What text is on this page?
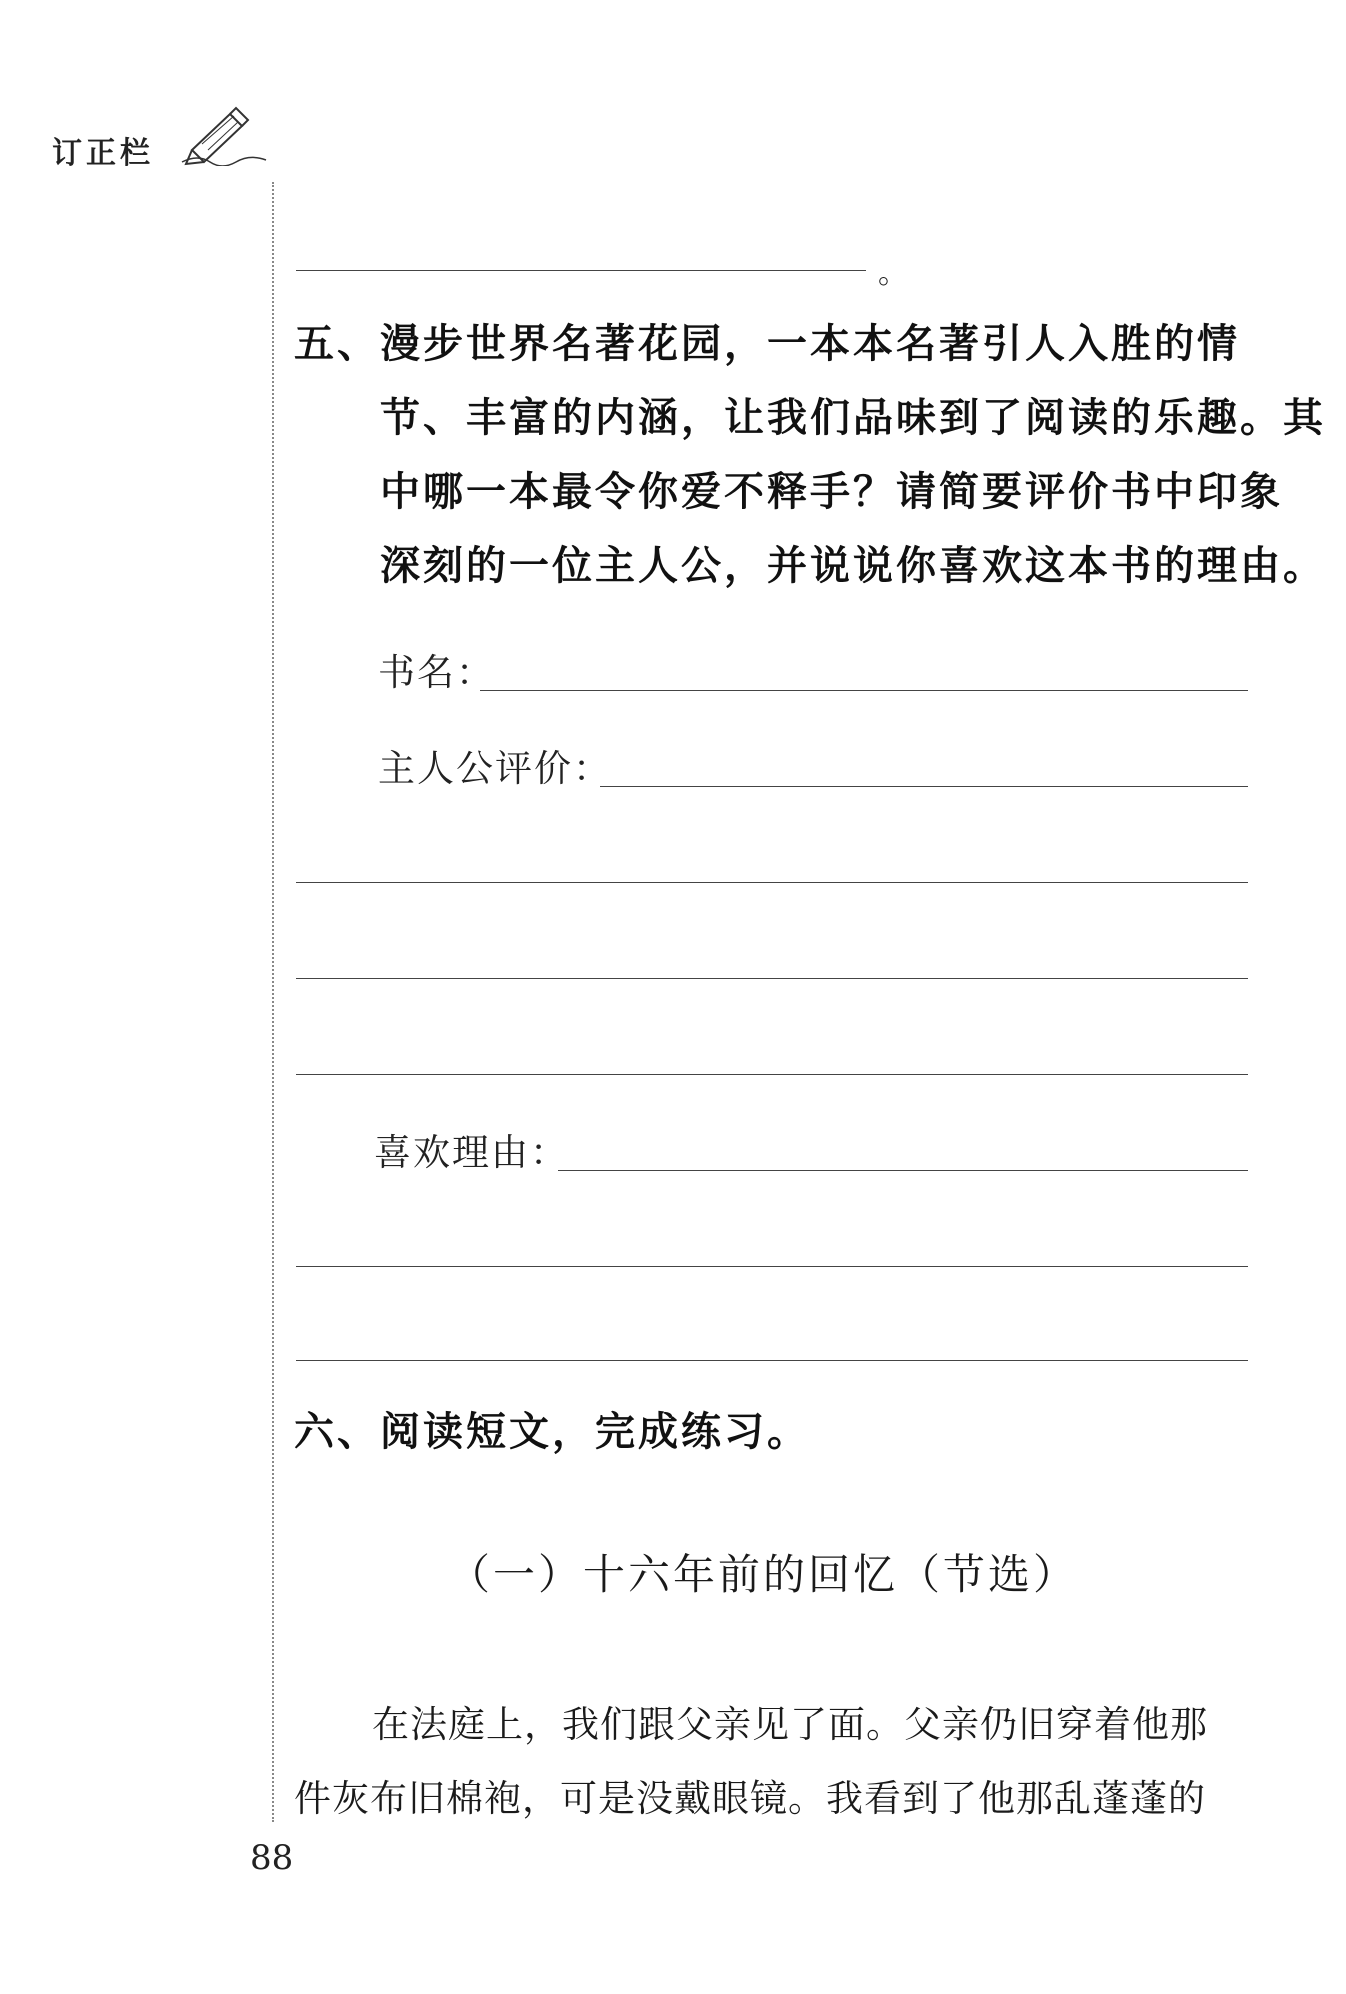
订正栏
。
五、 漫步世界名著花园，一本本名著引人入胜的情
节、丰富的内涵，让我们品味到了阅读的乐趣。其
中哪一本最令你爱不释手？请简要评价书中印象
深刻的一位主人公，并说说你喜欢这本书的理由。
书名：
主人公评价：
喜欢理由：
六、阅读短文，完成练习。
（一）十六年前的回忆（节选）
在法庭上，我们跟父亲见了面。父亲仍旧穿着他那
件灰布旧棉袍，可是没戴眼镜。我看到了他那乱蓬蓬的
88
